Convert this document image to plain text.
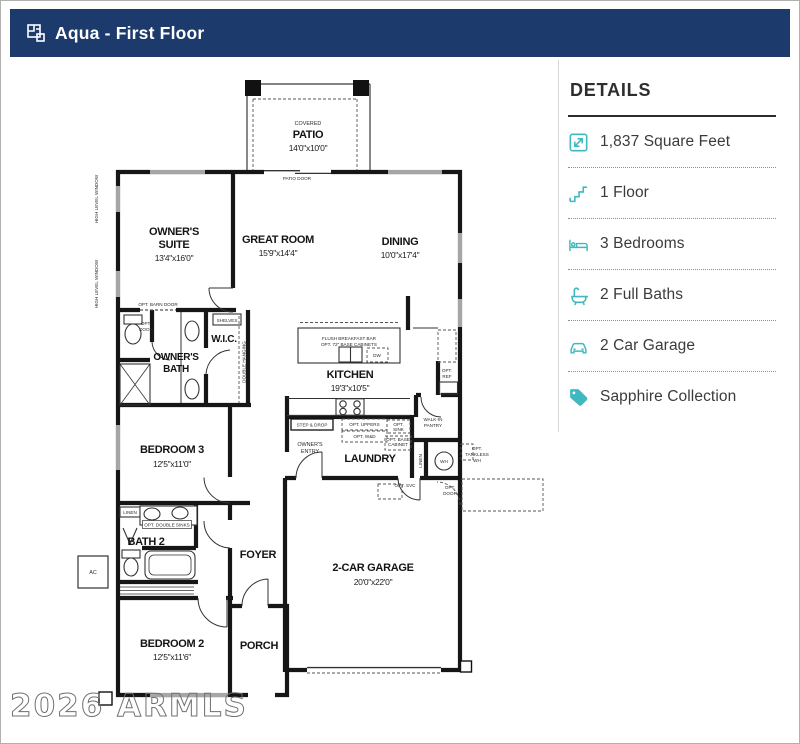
Aqua - First Floor
DETAILS
1,837 Square Feet
1 Floor
3 Bedrooms
2 Full Baths
2 Car Garage
Sapphire Collection
COVERED
PATIO
14'0"x10'0"
PATIO DOOR
HIGH LEVEL WINDOW
HIGH LEVEL WINDOW
OWNER'S
SUITE
13'4"x16'0"
GREAT ROOM
15'9"x14'4"
DINING
10'0"x17'4"
OPT. BARN DOOR
OPT.
DOOR
OWNER'S
BATH
W.I.C.
SHELVES
DOUBLE HANGING	KITCHEN
19'3"x10'5"
FLUSH BREAKFAST BAR
OPT. 72" BASE CABINETS
DW
OPT.
REF
WALK-IN
PANTRY
STEP & DROP
OWNER'S
ENTRY
LAUNDRY
OPT. UPPERS
OPT. W&D
OPT.
SINK
OPT. BASE
CABINET
WH
LINEN
OPT.
TANKLESS
WH
OPT. SVC	OPT.
DOOR
BEDROOM 3
12'5"x11'0"
LINEN
OPT. DOUBLE SINKS
BATH 2
AC
BEDROOM 2
12'5"x11'6"
FOYER
PORCH
2-CAR GARAGE
20'0"x22'0"
2026 ARMLS
